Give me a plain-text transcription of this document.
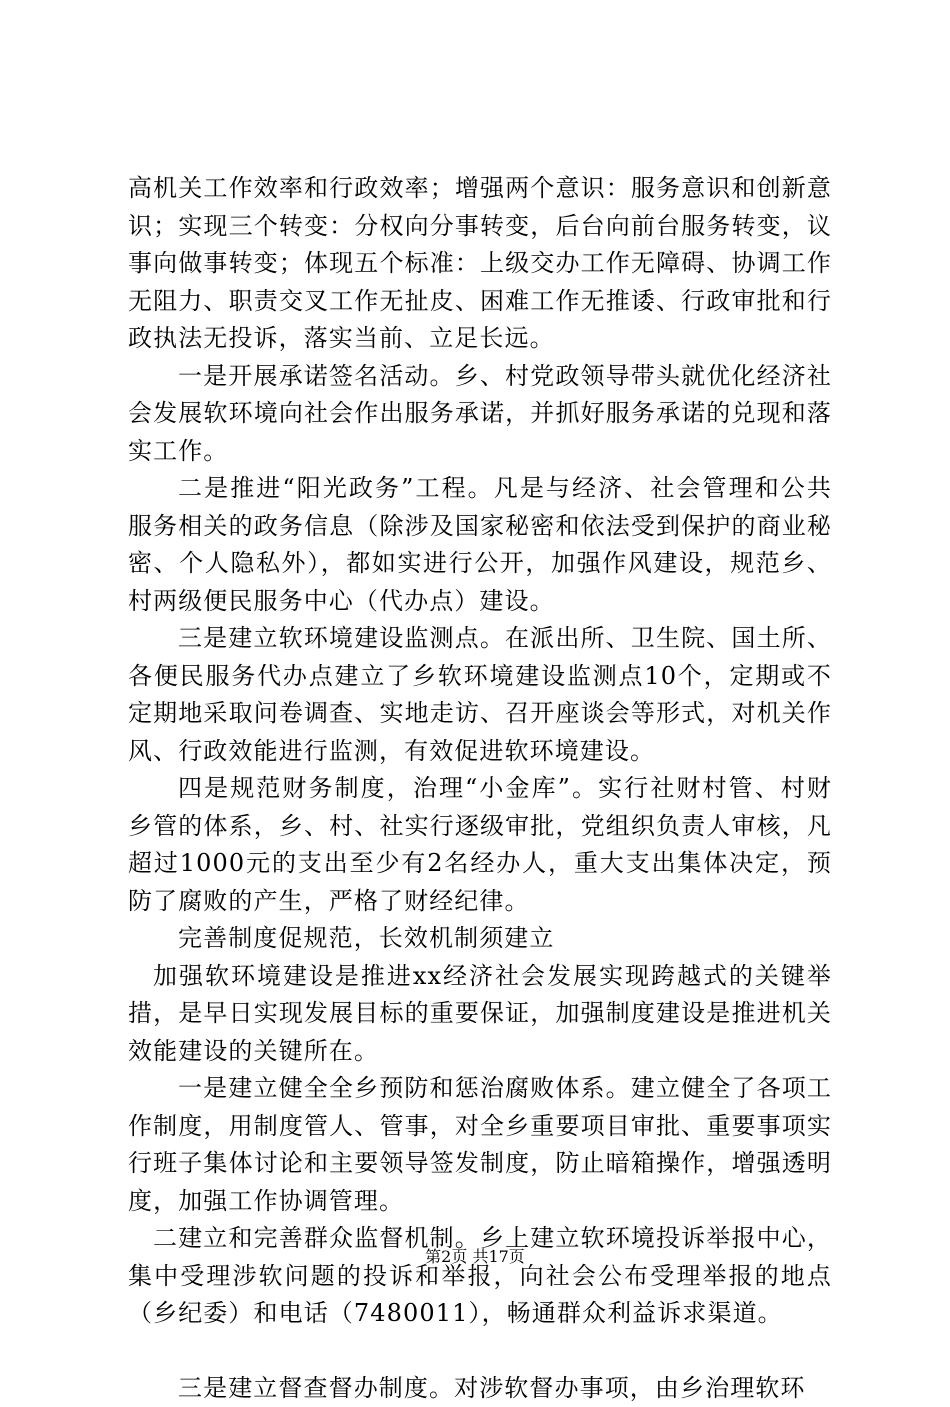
高机关工作效率和行政效率；增强两个意识：服务意识和创新意识；实现三个转变：分权向分事转变，后台向前台服务转变，议事向做事转变；体现五个标准：上级交办工作无障碍、协调工作无阻力、职责交叉工作无扯皮、困难工作无推诿、行政审批和行政执法无投诉，落实当前、立足长远。

一是开展承诺签名活动。乡、村党政领导带头就优化经济社会发展软环境向社会作出服务承诺，并抓好服务承诺的兑现和落实工作。

二是推进“阳光政务”工程。凡是与经济、社会管理和公共服务相关的政务信息（除涉及国家秘密和依法受到保护的商业秘密、个人隐私外），都如实进行公开，加强作风建设，规范乡、村两级便民服务中心（代办点）建设。

三是建立软环境建设监测点。在派出所、卫生院、国土所、各便民服务代办点建立了乡软环境建设监测点10个，定期或不定期地采取问卷调查、实地走访、召开座谈会等形式，对机关作风、行政效能进行监测，有效促进软环境建设。

四是规范财务制度，治理“小金库”。实行社财村管、村财乡管的体系，乡、村、社实行逐级审批，党组织负责人审核，凡超过1000元的支出至少有2名经办人，重大支出集体决定，预防了腐败的产生，严格了财经纪律。

完善制度促规范，长效机制须建立

加强软环境建设是推进xx经济社会发展实现跨越式的关键举措，是早日实现发展目标的重要保证，加强制度建设是推进机关效能建设的关键所在。

一是建立健全全乡预防和惩治腐败体系。建立健全了各项工作制度，用制度管人、管事，对全乡重要项目审批、重要事项实行班子集体讨论和主要领导签发制度，防止暗箱操作，增强透明度，加强工作协调管理。

二建立和完善群众监督机制。乡上建立软环境投诉举报中心，集中受理涉软问题的投诉和举报，向社会公布受理举报的地点（乡纪委）和电话（7480011），畅通群众利益诉求渠道。

三是建立督查督办制度。对涉软督办事项，由乡治理软环

第2页 共17页
